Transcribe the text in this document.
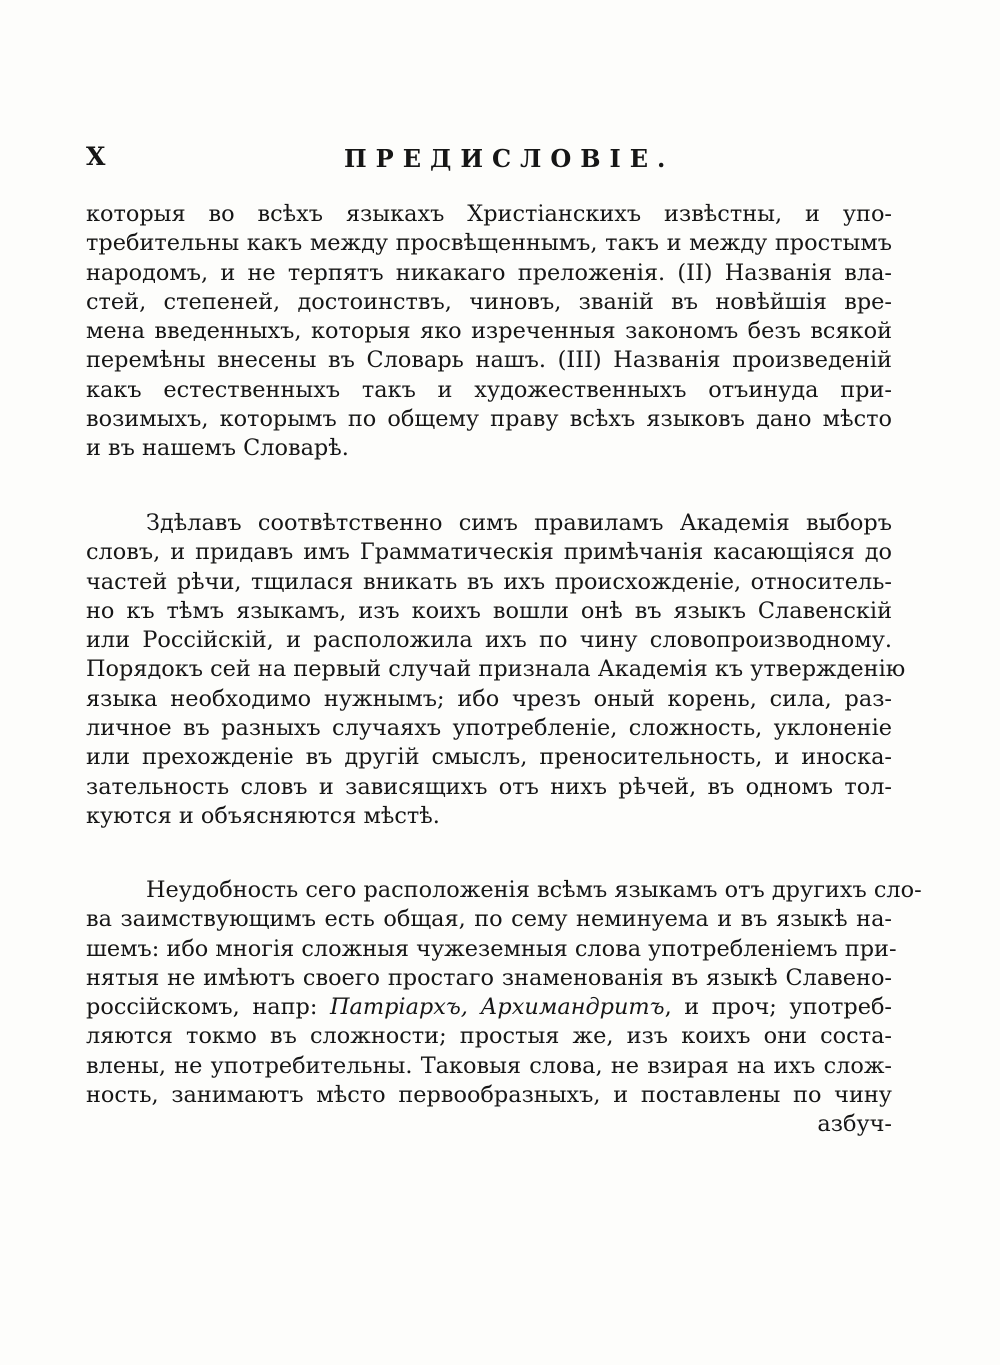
X	ПРЕДИСЛОВІЕ.
которыя во всѣхъ языкахъ Христіанскихъ извѣстны, и упо-
требительны какъ между просвѣщеннымъ, такъ и между простымъ
народомъ, и не терпятъ никакаго преложенія. (II) Названія вла-
стей, степеней, достоинствъ, чиновъ, званій въ новѣйшія вре-
мена введенныхъ, которыя яко изреченныя закономъ безъ всякой
перемѣны внесены въ Словарь нашъ. (III) Названія произведеній
какъ естественныхъ такъ и художественныхъ отъинуда при-
возимыхъ, которымъ по общему праву всѣхъ языковъ дано мѣсто
и въ нашемъ Словарѣ.
Здѣлавъ соотвѣтственно симъ правиламъ Академія выборъ
словъ, и придавъ имъ Грамматическія примѣчанія касающіяся до
частей рѣчи, тщилася вникать въ ихъ происхожденіе, относитель-
но къ тѣмъ языкамъ, изъ коихъ вошли онѣ въ языкъ Славенскій
или Россійскій, и расположила ихъ по чину словопроизводному.
Порядокъ сей на первый случай признала Академія къ утвержденію
языка необходимо нужнымъ; ибо чрезъ оный корень, сила, раз-
личное въ разныхъ случаяхъ употребленіе, сложность, уклоненіе
или прехожденіе въ другій смыслъ, преносительность, и иноска-
зательность словъ и зависящихъ отъ нихъ рѣчей, въ одномъ тол-
куются и объясняются мѣстѣ.
Неудобность сего расположенія всѣмъ языкамъ отъ другихъ сло-
ва заимствующимъ есть общая, по сему неминуема и въ языкѣ на-
шемъ: ибо многія сложныя чужеземныя слова употребленіемъ при-
нятыя не имѣютъ своего простаго знаменованія въ языкѣ Славено-
россійскомъ, напр: Патріархъ, Архимандритъ, и проч; употреб-
ляются токмо въ сложности; простыя же, изъ коихъ они соста-
влены, не употребительны. Таковыя слова, не взирая на ихъ слож-
ность, занимаютъ мѣсто первообразныхъ, и поставлены по чину
азбуч-
